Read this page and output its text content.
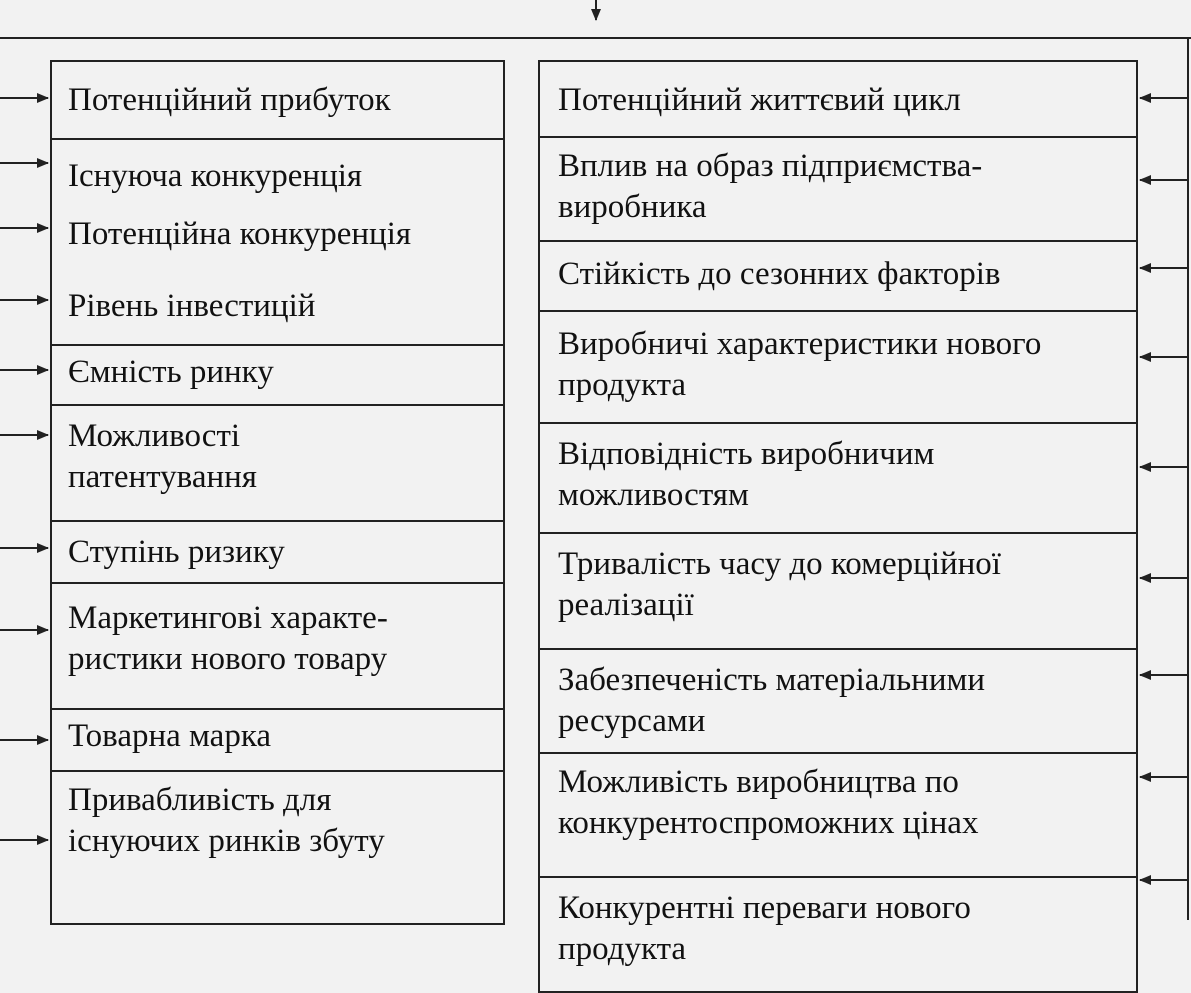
Потенційний прибуток
Існуюча конкуренція
Потенційна конкуренція
Рівень інвестицій
Ємність ринку
Можливості патентування
Ступінь ризику
Маркетингові характе-ристики нового товару
Товарна марка
Привабливість для існуючих ринків збуту
Потенційний життєвий цикл
Вплив на образ підприємства-виробника
Стійкість до сезонних факторів
Виробничі характеристики нового продукта
Відповідність виробничим можливостям
Тривалість часу до комерційної реалізації
Забезпеченість матеріальними ресурсами
Можливість виробництва по конкурентоспроможних цінах
Конкурентні переваги нового продукта
